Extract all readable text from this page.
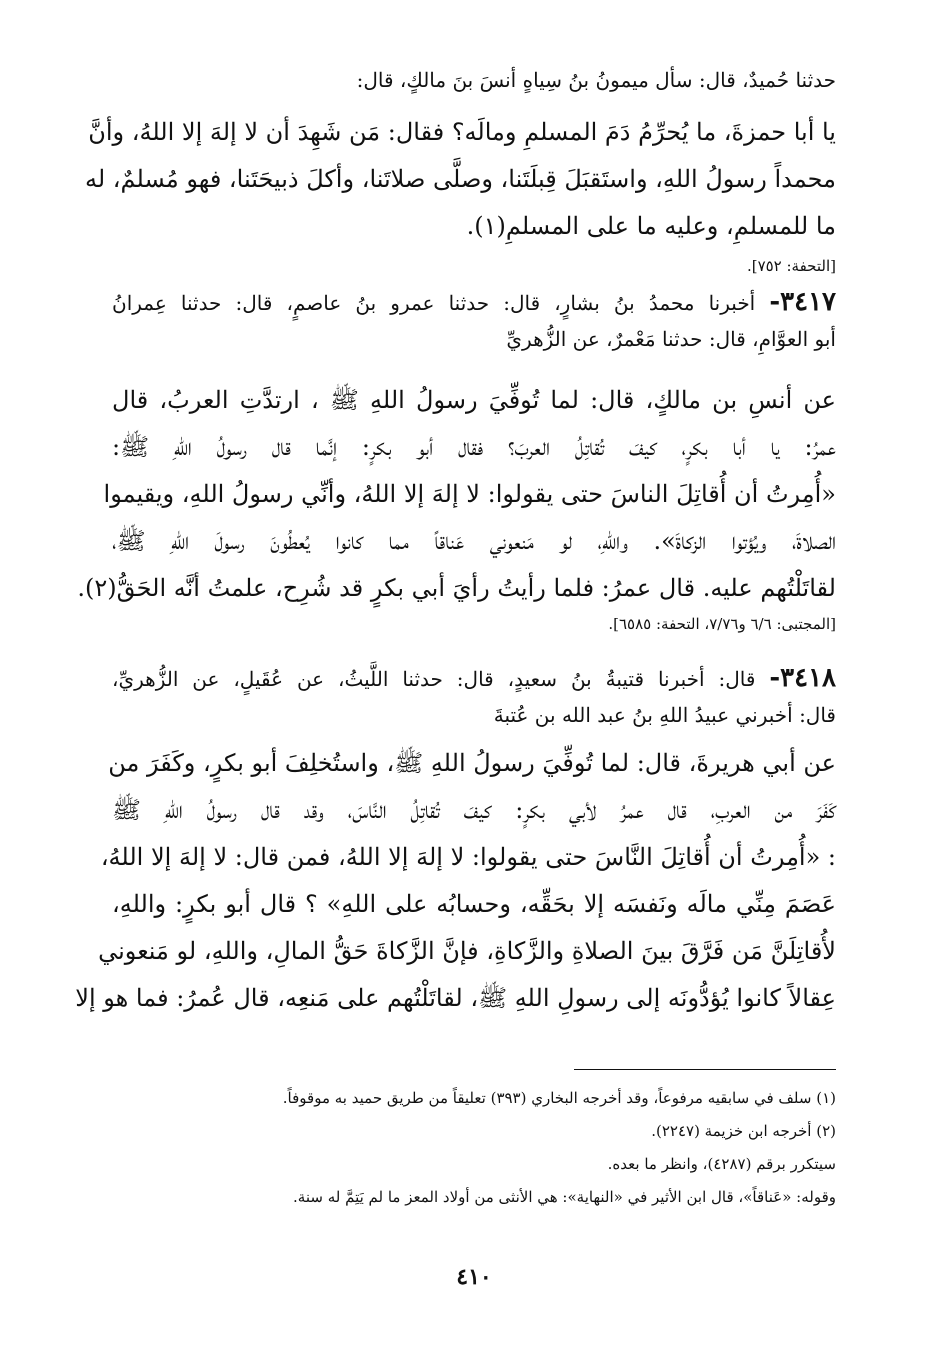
حدثنا حُميدٌ، قال: سأل ميمونُ بنُ سِياهٍ أنسَ بنَ مالكٍ، قال:
يا أبا حمزةَ، ما يُحرِّمُ دَمَ المسلمِ ومالَه؟ فقال: مَن شَهِدَ أن لا إلهَ إلا اللهُ، وأنَّ
محمداً رسولُ اللهِ، واستَقبَلَ قِبلَتَنا، وصلَّى صلاتَنا، وأكلَ ذبيحَتَنا، فهو مُسلمٌ، له
ما للمسلمِ، وعليه ما على المسلمِ(١).
[التحفة: ٧٥٢].
٣٤١٧- أخبرنا محمدُ بنُ بشارٍ، قال: حدثنا عمرو بنُ عاصمٍ، قال: حدثنا عِمرانُ
أبو العوَّامِ، قال: حدثنا مَعْمرٌ، عن الزُّهريِّ
عن أنسِ بن مالكٍ، قال: لما تُوفِّيَ رسولُ اللهِ ﷺ ، ارتدَّتِ العربُ، قال
عمرُ: يا أبا بكرٍ، كيفَ تُقاتِلُ العربَ؟ فقال أبو بكرٍ: إنَّما قال رسولُ اللهِ ﷺ:
«أُمِرتُ أن أُقاتِلَ الناسَ حتى يقولوا: لا إلهَ إلا اللهُ، وأنِّي رسولُ اللهِ، ويقيموا
الصلاةَ، ويُؤتوا الزكاةَ». واللهِ، لو مَنعوني عَناقاً مما كانوا يُعطُونَ رسولَ اللهِ ﷺ،
لقاتَلْتُهم عليه. قال عمرُ: فلما رأيتُ رأيَ أبي بكرٍ قد شُرِح، علمتُ أنَّه الحَقُّ(٢).
[المجتبى: ٦/٦ و٧/٧٦، التحفة: ٦٥٨٥].
٣٤١٨- قال: أخبرنا قتيبةُ بنُ سعيدٍ، قال: حدثنا اللَّيثُ، عن عُقَيلٍ، عن الزُّهريِّ،
قال: أخبرني عبيدُ اللهِ بنُ عبد الله بن عُتبةَ
عن أبي هريرةَ، قال: لما تُوفِّيَ رسولُ اللهِ ﷺ، واستُخلِفَ أبو بكرٍ، وكَفَرَ من
كَفَرَ من العربِ، قال عمرُ لأبي بكرٍ: كيفَ تُقاتِلُ النَّاسَ، وقد قال رسولُ اللهِ ﷺ
: «أُمِرتُ أن أُقاتِلَ النَّاسَ حتى يقولوا: لا إلهَ إلا اللهُ، فمن قال: لا إلهَ إلا اللهُ،
عَصَمَ مِنِّي مالَه ونَفسَه إلا بحَقِّه، وحسابُه على اللهِ» ؟ قال أبو بكرٍ: واللهِ،
لأُقاتِلَنَّ مَن فَرَّقَ بينَ الصلاةِ والزَّكاةِ، فإنَّ الزَّكاةَ حَقُّ المالِ، واللهِ، لو مَنعوني
عِقالاً كانوا يُؤدُّونَه إلى رسولِ اللهِ ﷺ، لقاتَلْتُهم على مَنعِه، قال عُمرُ: فما هو إلا
(١) سلف في سابقيه مرفوعاً، وقد أخرجه البخاري (٣٩٣) تعليقاً من طريق حميد به موقوفاً.
(٢) أخرجه ابن خزيمة (٢٢٤٧).
سيتكرر برقم (٤٢٨٧)، وانظر ما بعده.
وقوله: «عَناقاً»، قال ابن الأثير في «النهاية»: هي الأنثى من أولاد المعز ما لم يَتِمَّ له سنة.
٤١٠
